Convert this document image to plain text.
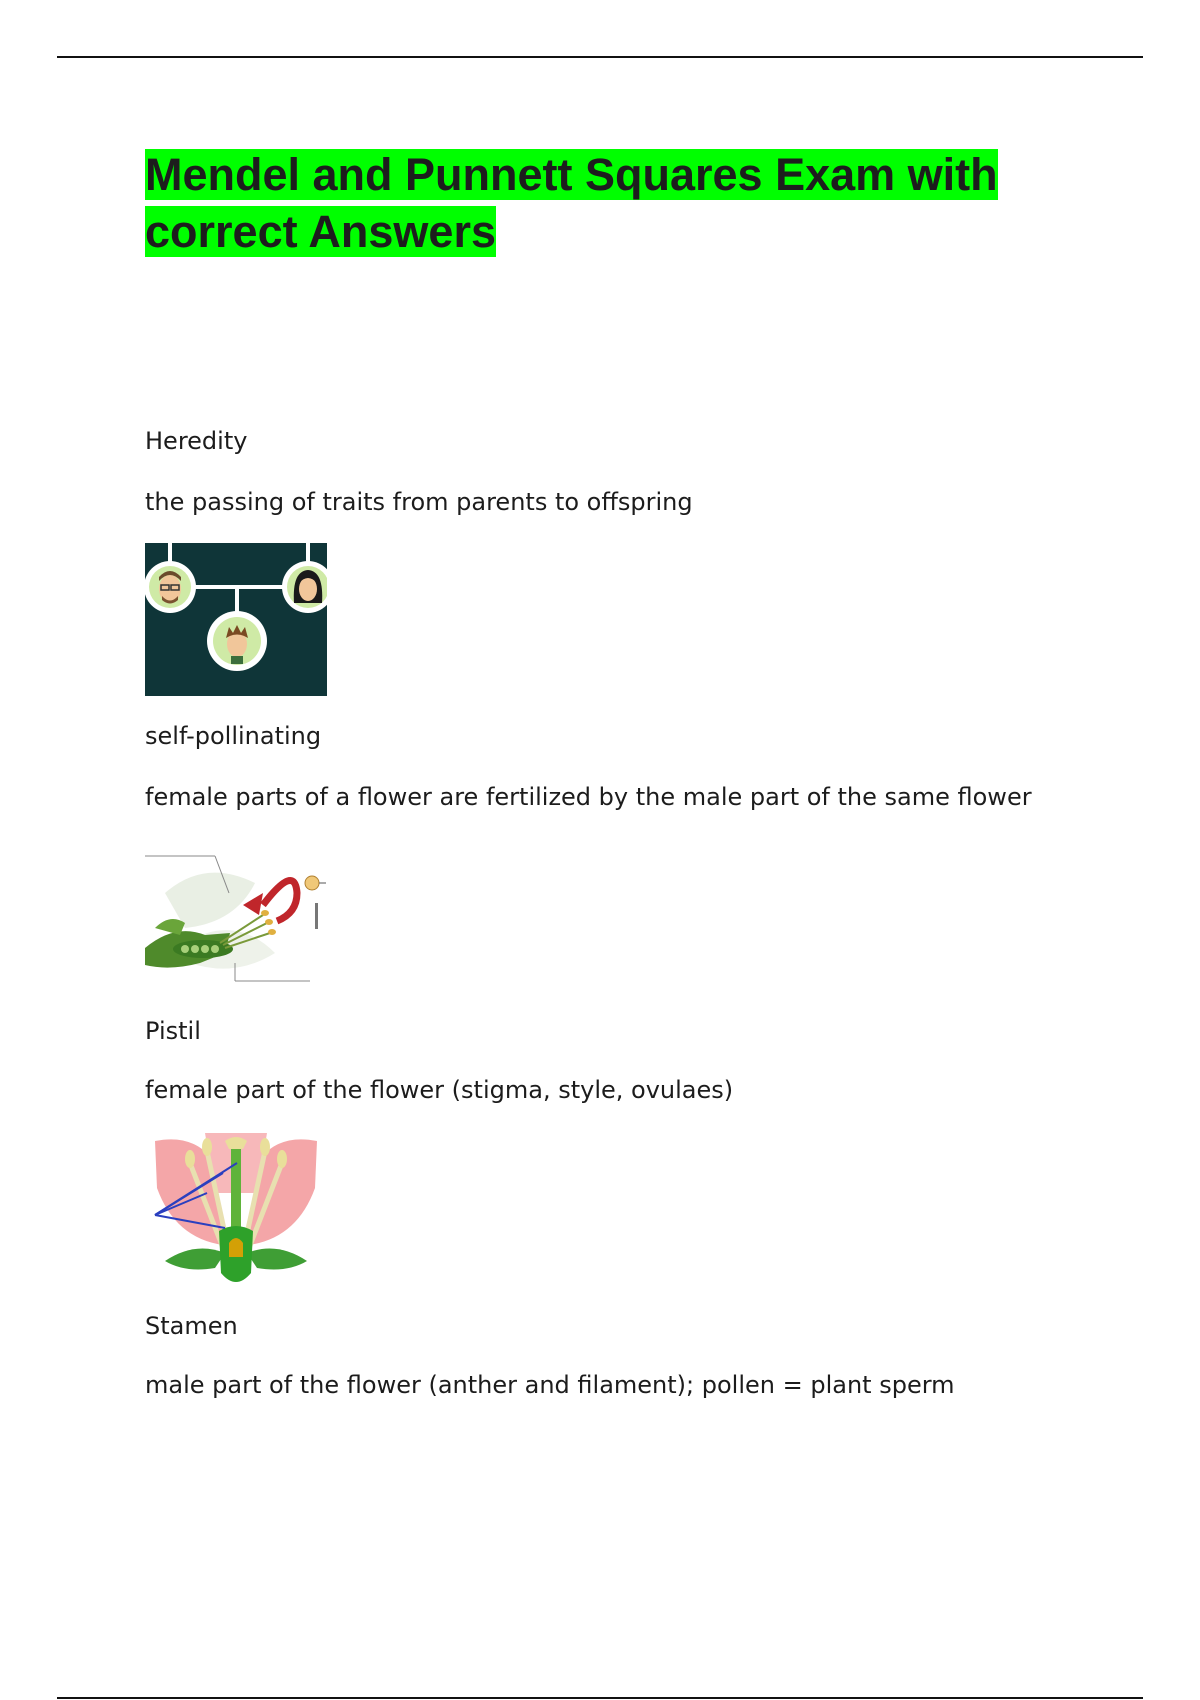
Mendel and Punnett Squares Exam with correct Answers

Heredity

the passing of traits from parents to offspring

self-pollinating

female parts of a flower are fertilized by the male part of the same flower

Pistil

female part of the flower (stigma, style, ovulaes)

Stamen

male part of the flower (anther and filament); pollen = plant sperm
